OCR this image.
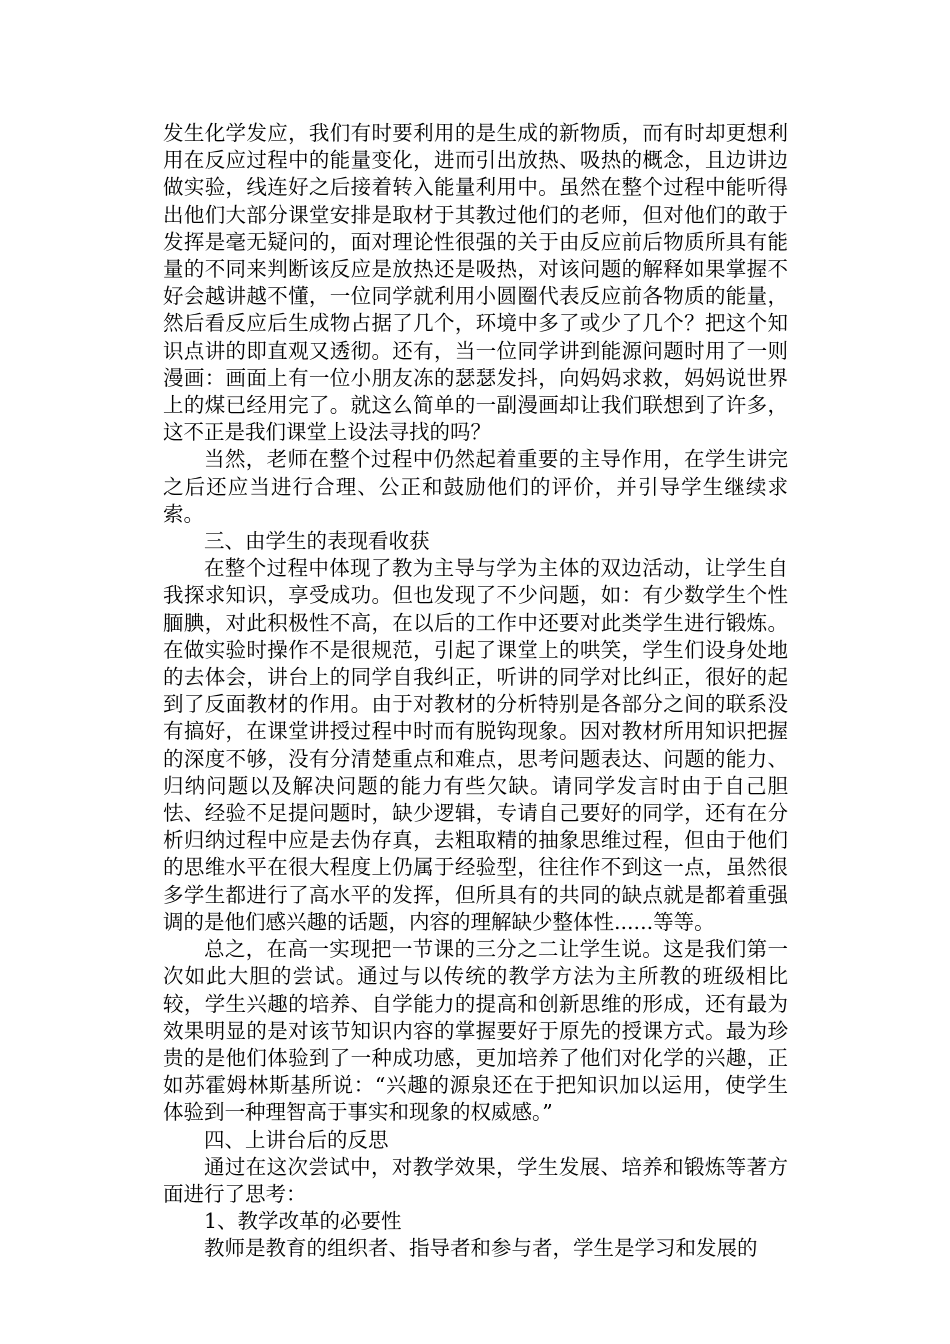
发生化学发应，我们有时要利用的是生成的新物质，而有时却更想利用在反应过程中的能量变化，进而引出放热、吸热的概念，且边讲边做实验，线连好之后接着转入能量利用中。虽然在整个过程中能听得出他们大部分课堂安排是取材于其教过他们的老师，但对他们的敢于发挥是毫无疑问的，面对理论性很强的关于由反应前后物质所具有能量的不同来判断该反应是放热还是吸热，对该问题的解释如果掌握不好会越讲越不懂，一位同学就利用小圆圈代表反应前各物质的能量，然后看反应后生成物占据了几个，环境中多了或少了几个？把这个知识点讲的即直观又透彻。还有，当一位同学讲到能源问题时用了一则漫画：画面上有一位小朋友冻的瑟瑟发抖，向妈妈求救，妈妈说世界上的煤已经用完了。就这么简单的一副漫画却让我们联想到了许多，这不正是我们课堂上设法寻找的吗？

当然，老师在整个过程中仍然起着重要的主导作用，在学生讲完之后还应当进行合理、公正和鼓励他们的评价，并引导学生继续求索。

三、由学生的表现看收获

在整个过程中体现了教为主导与学为主体的双边活动，让学生自我探求知识，享受成功。但也发现了不少问题，如：有少数学生个性腼腆，对此积极性不高，在以后的工作中还要对此类学生进行锻炼。在做实验时操作不是很规范，引起了课堂上的哄笑，学生们设身处地的去体会，讲台上的同学自我纠正，听讲的同学对比纠正，很好的起到了反面教材的作用。由于对教材的分析特别是各部分之间的联系没有搞好，在课堂讲授过程中时而有脱钩现象。因对教材所用知识把握的深度不够，没有分清楚重点和难点，思考问题表达、问题的能力、归纳问题以及解决问题的能力有些欠缺。请同学发言时由于自己胆怯、经验不足提问题时，缺少逻辑，专请自己要好的同学，还有在分析归纳过程中应是去伪存真，去粗取精的抽象思维过程，但由于他们的思维水平在很大程度上仍属于经验型，往往作不到这一点，虽然很多学生都进行了高水平的发挥，但所具有的共同的缺点就是都着重强调的是他们感兴趣的话题，内容的理解缺少整体性......等等。

总之，在高一实现把一节课的三分之二让学生说。这是我们第一次如此大胆的尝试。通过与以传统的教学方法为主所教的班级相比较，学生兴趣的培养、自学能力的提高和创新思维的形成，还有最为效果明显的是对该节知识内容的掌握要好于原先的授课方式。最为珍贵的是他们体验到了一种成功感，更加培养了他们对化学的兴趣，正如苏霍姆林斯基所说：“兴趣的源泉还在于把知识加以运用，使学生体验到一种理智高于事实和现象的权威感。”

四、上讲台后的反思

通过在这次尝试中，对教学效果，学生发展、培养和锻炼等著方面进行了思考：

1、教学改革的必要性

教师是教育的组织者、指导者和参与者，学生是学习和发展的
